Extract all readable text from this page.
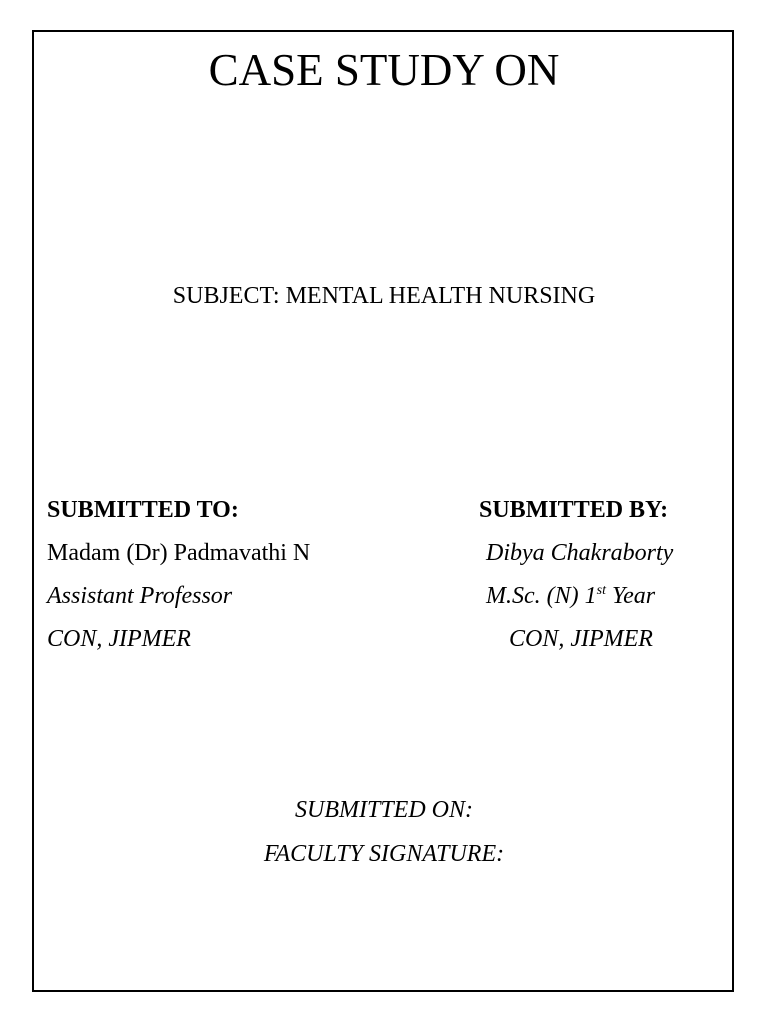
CASE STUDY ON
SUBJECT: MENTAL HEALTH NURSING
SUBMITTED TO:
Madam (Dr) Padmavathi N
Assistant Professor
CON, JIPMER
SUBMITTED BY:
Dibya Chakraborty
M.Sc. (N) 1st Year
CON, JIPMER
SUBMITTED ON:
FACULTY SIGNATURE:
